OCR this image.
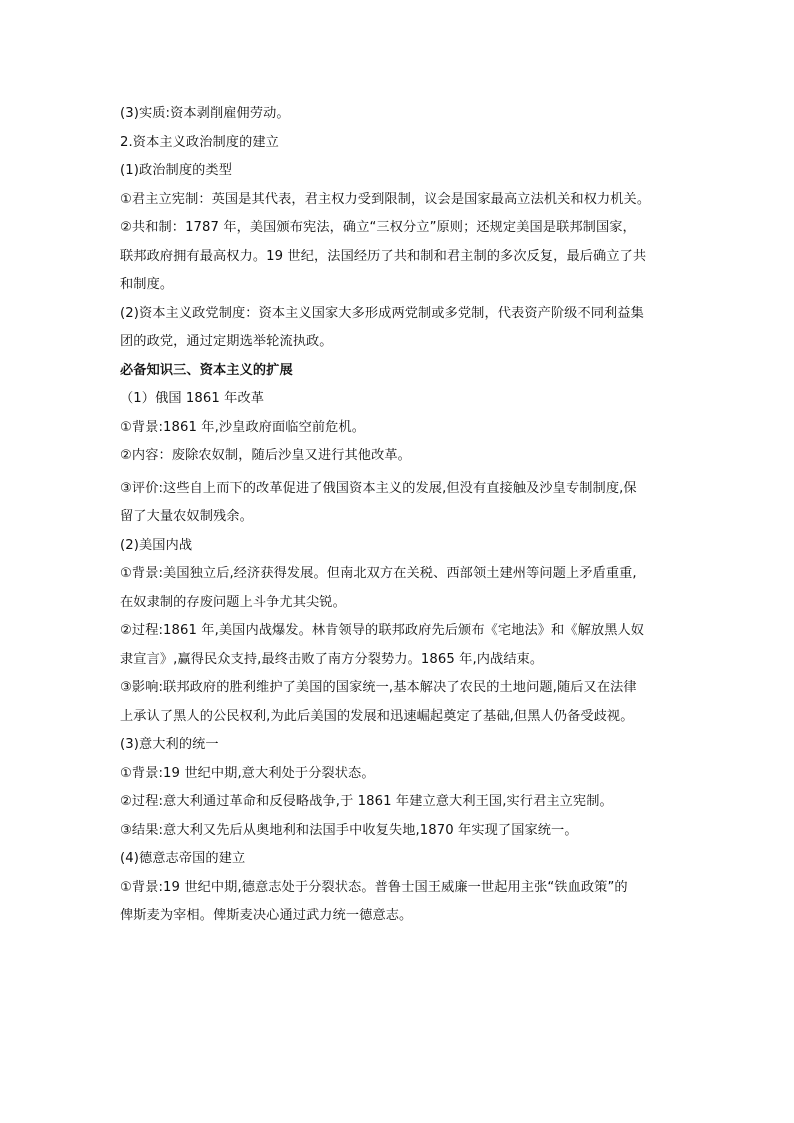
(3)实质:资本剥削雇佣劳动。
2.资本主义政治制度的建立
(1)政治制度的类型
①君主立宪制：英国是其代表，君主权力受到限制，议会是国家最高立法机关和权力机关。
②共和制：1787 年，美国颁布宪法，确立“三权分立”原则；还规定美国是联邦制国家，
联邦政府拥有最高权力。19 世纪，法国经历了共和制和君主制的多次反复，最后确立了共
和制度。
(2)资本主义政党制度：资本主义国家大多形成两党制或多党制，代表资产阶级不同利益集
团的政党，通过定期选举轮流执政。
必备知识三、资本主义的扩展
（1）俄国 1861 年改革
①背景:1861 年,沙皇政府面临空前危机。
②内容：废除农奴制，随后沙皇又进行其他改革。
③评价:这些自上而下的改革促进了俄国资本主义的发展,但没有直接触及沙皇专制制度,保
留了大量农奴制残余。
(2)美国内战
①背景:美国独立后,经济获得发展。但南北双方在关税、西部领土建州等问题上矛盾重重,
在奴隶制的存废问题上斗争尤其尖锐。
②过程:1861 年,美国内战爆发。林肯领导的联邦政府先后颁布《宅地法》和《解放黑人奴
隶宣言》,赢得民众支持,最终击败了南方分裂势力。1865 年,内战结束。
③影响:联邦政府的胜利维护了美国的国家统一,基本解决了农民的土地问题,随后又在法律
上承认了黑人的公民权利,为此后美国的发展和迅速崛起奠定了基础,但黑人仍备受歧视。
(3)意大利的统一
①背景:19 世纪中期,意大利处于分裂状态。
②过程:意大利通过革命和反侵略战争,于 1861 年建立意大利王国,实行君主立宪制。
③结果:意大利又先后从奥地利和法国手中收复失地,1870 年实现了国家统一。
(4)德意志帝国的建立
①背景:19 世纪中期,德意志处于分裂状态。普鲁士国王威廉一世起用主张“铁血政策”的
俾斯麦为宰相。俾斯麦决心通过武力统一德意志。
